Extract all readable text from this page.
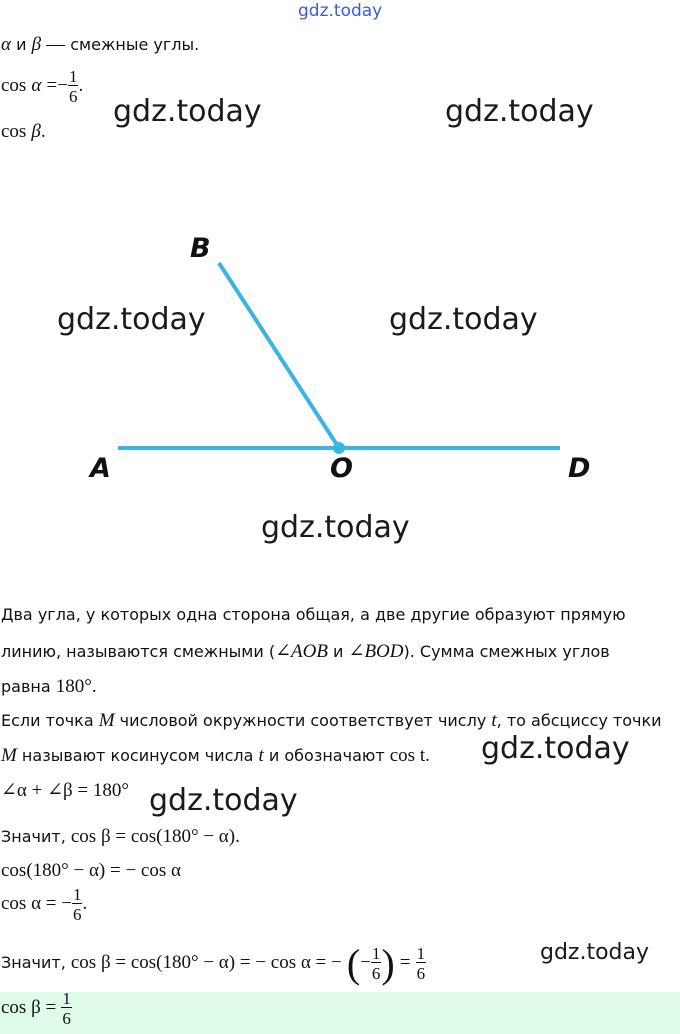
gdz.today
α и β — смежные углы.
$\cos \alpha =- \frac{1}{6}$ .
cos β.
gdz.today	gdz.today
B
A	O	D
gdz.today	gdz.today
gdz.today
Два угла, у которых одна сторона общая, а две другие образуют прямую
линию, называются смежными (∠AOB и ∠BOD). Сумма смежных углов
равна 180°.
Если точка M числовой окружности соответствует числу t, то абсциссу точки
M называют косинусом числа t и обозначают cos t. gdz.today
∠α + ∠β = 180° gdz.today
Значит, cos β = cos(180° − α).
cos(180° − α) = − cos α
cos α = − $\frac{1}{6}$ .
Значит, cos β = cos(180° − α) = − cos α = − (− $\frac{1}{6}$ ) = $\frac{1}{6}$	gdz.today
$\cos \beta = \frac{1}{6}$
